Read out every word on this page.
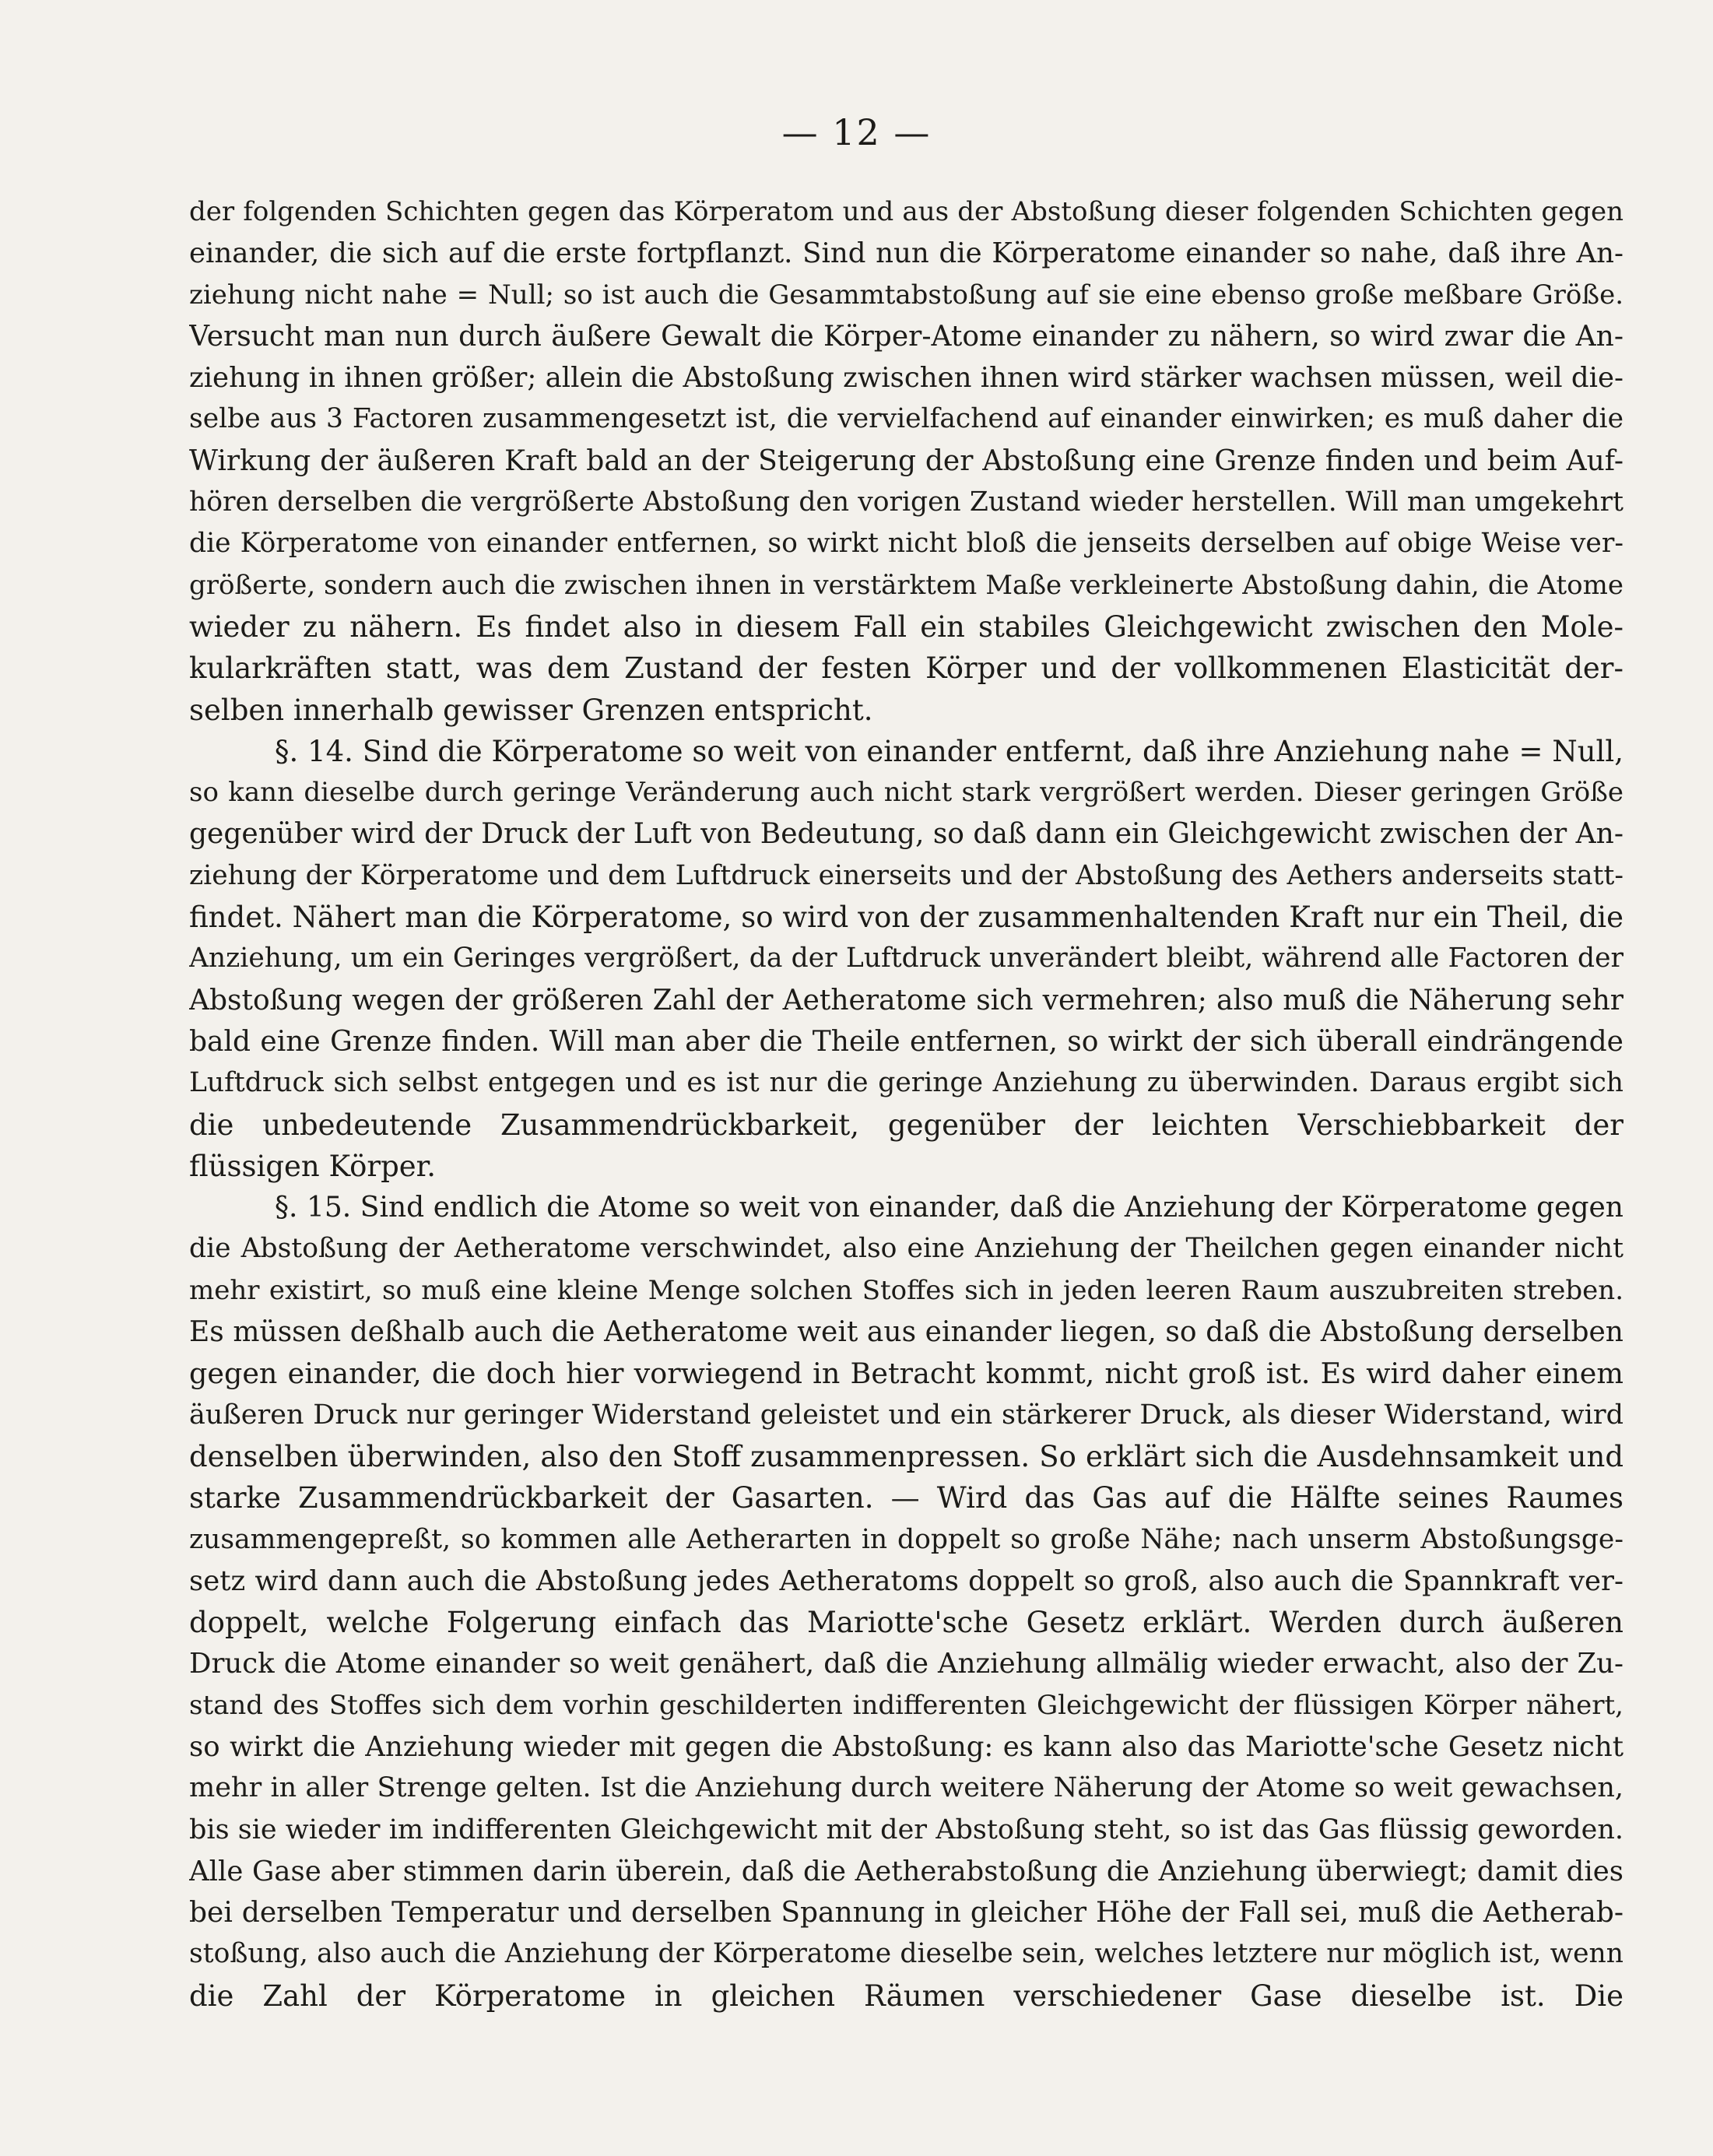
— 12 —
der folgenden Schichten gegen das Körperatom und aus der Abstoßung dieser folgenden Schichten gegen
einander, die sich auf die erste fortpflanzt. Sind nun die Körperatome einander so nahe, daß ihre An-
ziehung nicht nahe = Null; so ist auch die Gesammtabstoßung auf sie eine ebenso große meßbare Größe.
Versucht man nun durch äußere Gewalt die Körper-Atome einander zu nähern, so wird zwar die An-
ziehung in ihnen größer; allein die Abstoßung zwischen ihnen wird stärker wachsen müssen, weil die-
selbe aus 3 Factoren zusammengesetzt ist, die vervielfachend auf einander einwirken; es muß daher die
Wirkung der äußeren Kraft bald an der Steigerung der Abstoßung eine Grenze finden und beim Auf-
hören derselben die vergrößerte Abstoßung den vorigen Zustand wieder herstellen. Will man umgekehrt
die Körperatome von einander entfernen, so wirkt nicht bloß die jenseits derselben auf obige Weise ver-
größerte, sondern auch die zwischen ihnen in verstärktem Maße verkleinerte Abstoßung dahin, die Atome
wieder zu nähern. Es findet also in diesem Fall ein stabiles Gleichgewicht zwischen den Mole-
kularkräften statt, was dem Zustand der festen Körper und der vollkommenen Elasticität der-
selben innerhalb gewisser Grenzen entspricht.
§. 14. Sind die Körperatome so weit von einander entfernt, daß ihre Anziehung nahe = Null,
so kann dieselbe durch geringe Veränderung auch nicht stark vergrößert werden. Dieser geringen Größe
gegenüber wird der Druck der Luft von Bedeutung, so daß dann ein Gleichgewicht zwischen der An-
ziehung der Körperatome und dem Luftdruck einerseits und der Abstoßung des Aethers anderseits statt-
findet. Nähert man die Körperatome, so wird von der zusammenhaltenden Kraft nur ein Theil, die
Anziehung, um ein Geringes vergrößert, da der Luftdruck unverändert bleibt, während alle Factoren der
Abstoßung wegen der größeren Zahl der Aetheratome sich vermehren; also muß die Näherung sehr
bald eine Grenze finden. Will man aber die Theile entfernen, so wirkt der sich überall eindrängende
Luftdruck sich selbst entgegen und es ist nur die geringe Anziehung zu überwinden. Daraus ergibt sich
die unbedeutende Zusammendrückbarkeit, gegenüber der leichten Verschiebbarkeit der
flüssigen Körper.
§. 15. Sind endlich die Atome so weit von einander, daß die Anziehung der Körperatome gegen
die Abstoßung der Aetheratome verschwindet, also eine Anziehung der Theilchen gegen einander nicht
mehr existirt, so muß eine kleine Menge solchen Stoffes sich in jeden leeren Raum auszubreiten streben.
Es müssen deßhalb auch die Aetheratome weit aus einander liegen, so daß die Abstoßung derselben
gegen einander, die doch hier vorwiegend in Betracht kommt, nicht groß ist. Es wird daher einem
äußeren Druck nur geringer Widerstand geleistet und ein stärkerer Druck, als dieser Widerstand, wird
denselben überwinden, also den Stoff zusammenpressen. So erklärt sich die Ausdehnsamkeit und
starke Zusammendrückbarkeit der Gasarten. — Wird das Gas auf die Hälfte seines Raumes
zusammengepreßt, so kommen alle Aetherarten in doppelt so große Nähe; nach unserm Abstoßungsge-
setz wird dann auch die Abstoßung jedes Aetheratoms doppelt so groß, also auch die Spannkraft ver-
doppelt, welche Folgerung einfach das Mariotte'sche Gesetz erklärt. Werden durch äußeren
Druck die Atome einander so weit genähert, daß die Anziehung allmälig wieder erwacht, also der Zu-
stand des Stoffes sich dem vorhin geschilderten indifferenten Gleichgewicht der flüssigen Körper nähert,
so wirkt die Anziehung wieder mit gegen die Abstoßung: es kann also das Mariotte'sche Gesetz nicht
mehr in aller Strenge gelten. Ist die Anziehung durch weitere Näherung der Atome so weit gewachsen,
bis sie wieder im indifferenten Gleichgewicht mit der Abstoßung steht, so ist das Gas flüssig geworden.
Alle Gase aber stimmen darin überein, daß die Aetherabstoßung die Anziehung überwiegt; damit dies
bei derselben Temperatur und derselben Spannung in gleicher Höhe der Fall sei, muß die Aetherab-
stoßung, also auch die Anziehung der Körperatome dieselbe sein, welches letztere nur möglich ist, wenn
die Zahl der Körperatome in gleichen Räumen verschiedener Gase dieselbe ist. Die
